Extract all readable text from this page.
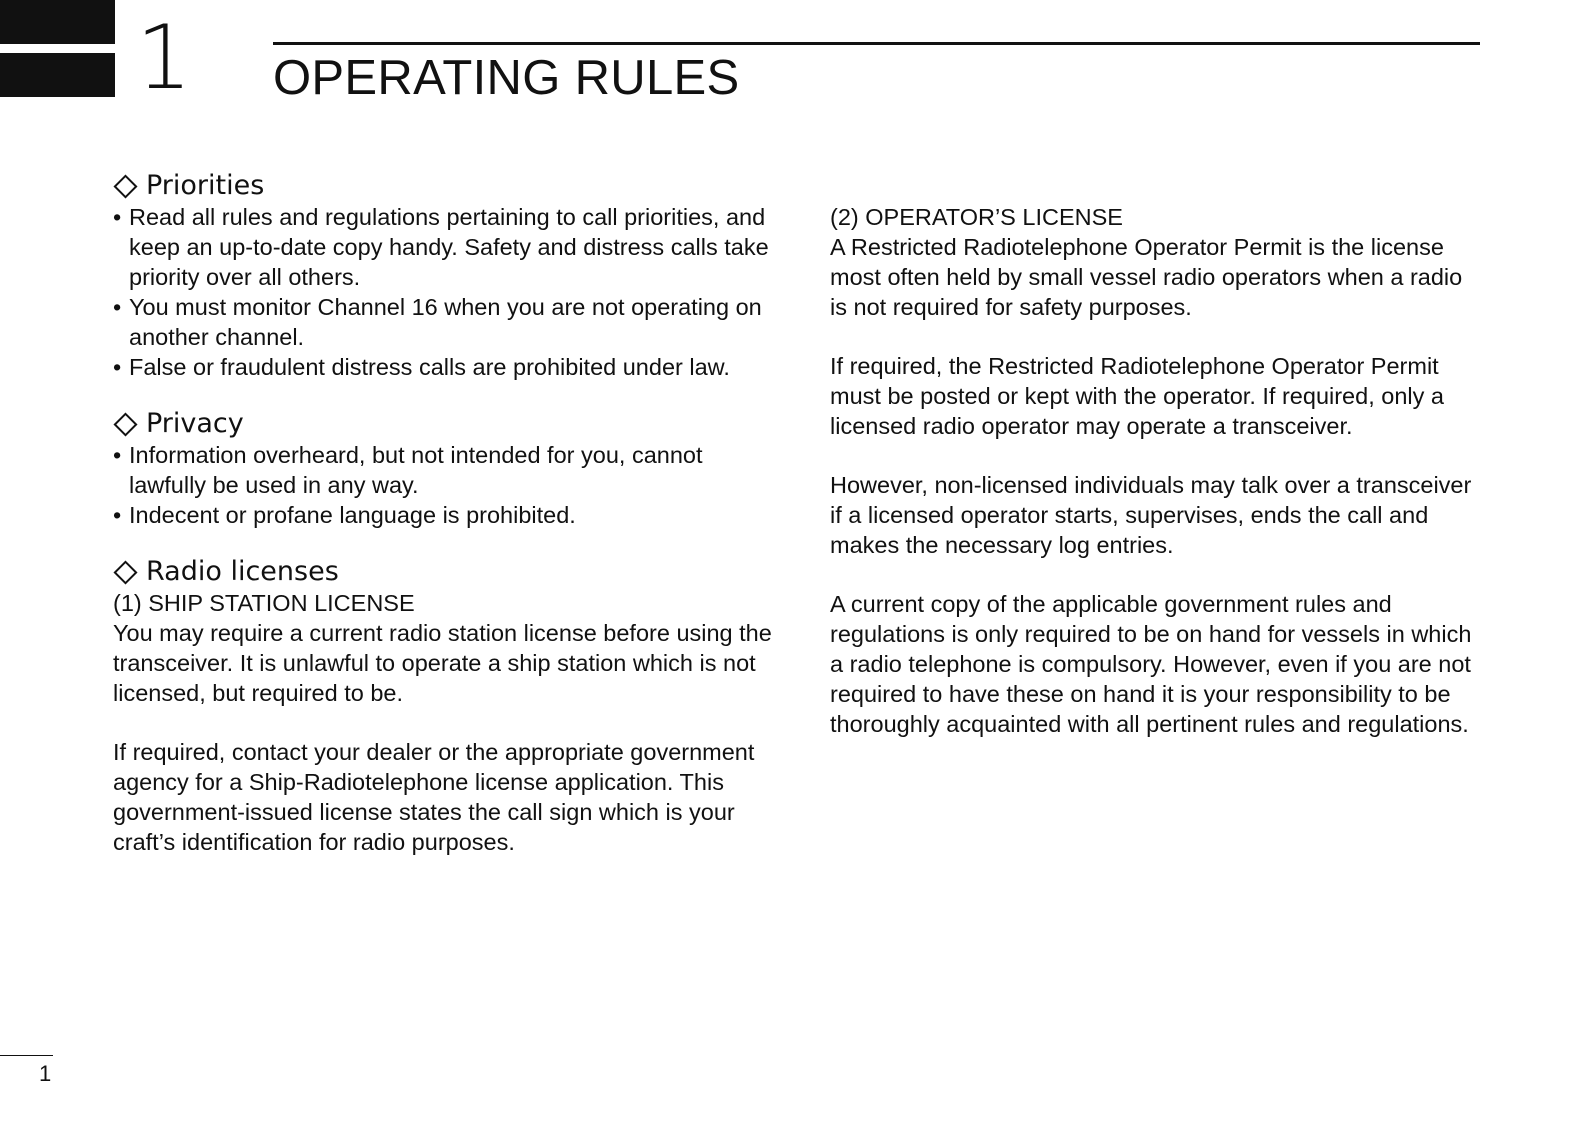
1 OPERATING RULES
Priorities
• Read all rules and regulations pertaining to call priorities, and keep an up-to-date copy handy. Safety and distress calls take priority over all others.
• You must monitor Channel 16 when you are not operating on another channel.
• False or fraudulent distress calls are prohibited under law.
Privacy
• Information overheard, but not intended for you, cannot lawfully be used in any way.
• Indecent or profane language is prohibited.
Radio licenses

(1) SHIP STATION LICENSE

You may require a current radio station license before using the transceiver. It is unlawful to operate a ship station which is not licensed, but required to be.

If required, contact your dealer or the appropriate government agency for a Ship-Radiotelephone license application. This government-issued license states the call sign which is your craft’s identification for radio purposes.

(2) OPERATOR’S LICENSE

A Restricted Radiotelephone Operator Permit is the license most often held by small vessel radio operators when a radio is not required for safety purposes.

If required, the Restricted Radiotelephone Operator Permit must be posted or kept with the operator. If required, only a licensed radio operator may operate a transceiver.

However, non-licensed individuals may talk over a transceiver if a licensed operator starts, supervises, ends the call and makes the necessary log entries.

A current copy of the applicable government rules and regulations is only required to be on hand for vessels in which a radio telephone is compulsory. However, even if you are not required to have these on hand it is your responsibility to be thoroughly acquainted with all pertinent rules and regulations.

1
